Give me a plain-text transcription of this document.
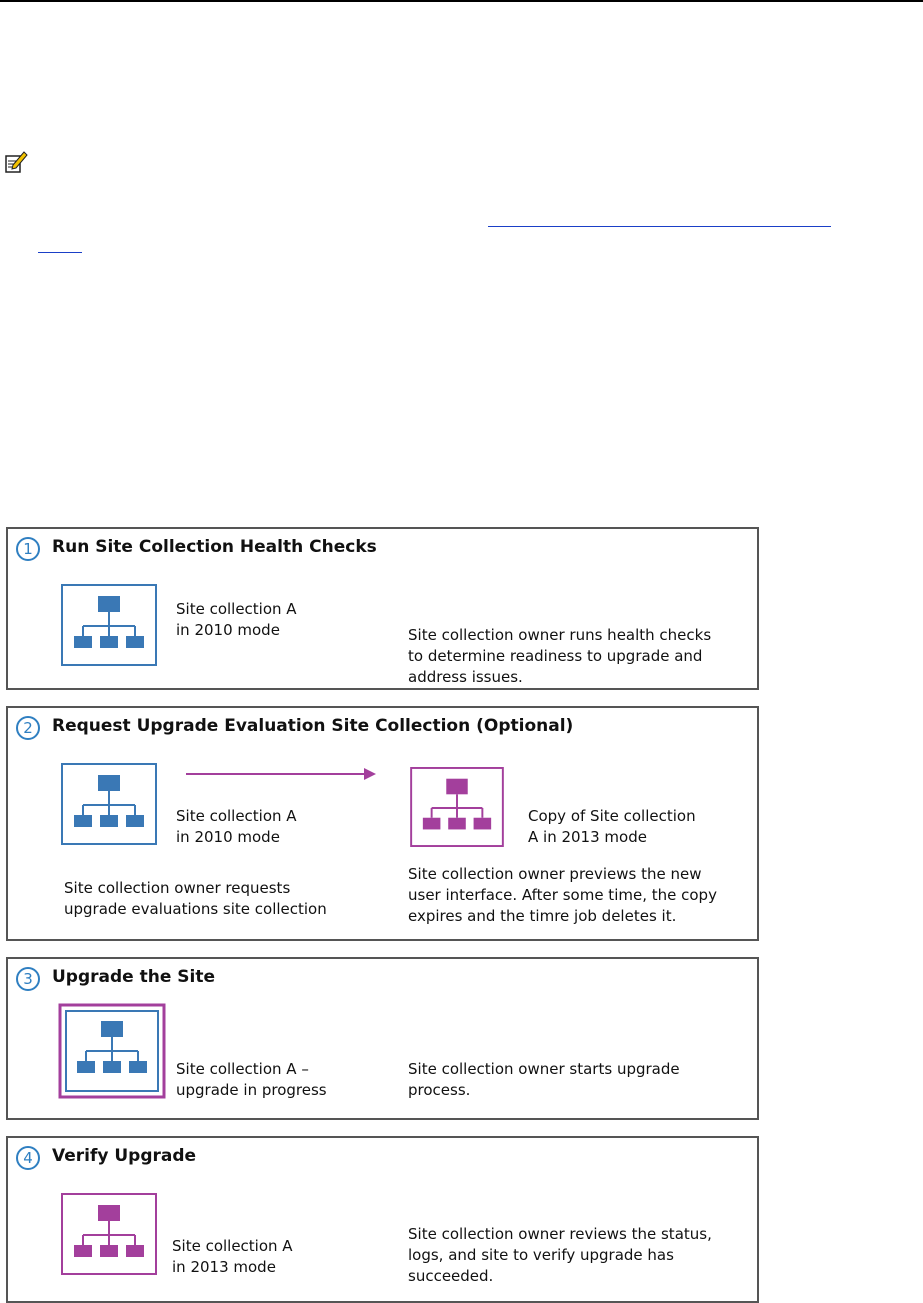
1	Run Site Collection Health Checks
Site collection A
in 2010 mode	Site collection owner runs health checks
to determine readiness to upgrade and
address issues.
2	Request Upgrade Evaluation Site Collection (Optional)
Site collection A
in 2010 mode
Copy of Site collection
A in 2013 mode
Site collection owner requests
upgrade evaluations site collection
Site collection owner previews the new
user interface. After some time, the copy
expires and the timre job deletes it.
3	Upgrade the Site
Site collection A –
upgrade in progress
Site collection owner starts upgrade
process.
4	Verify Upgrade
Site collection A
in 2013 mode
Site collection owner reviews the status,
logs, and site to verify upgrade has
succeeded.
